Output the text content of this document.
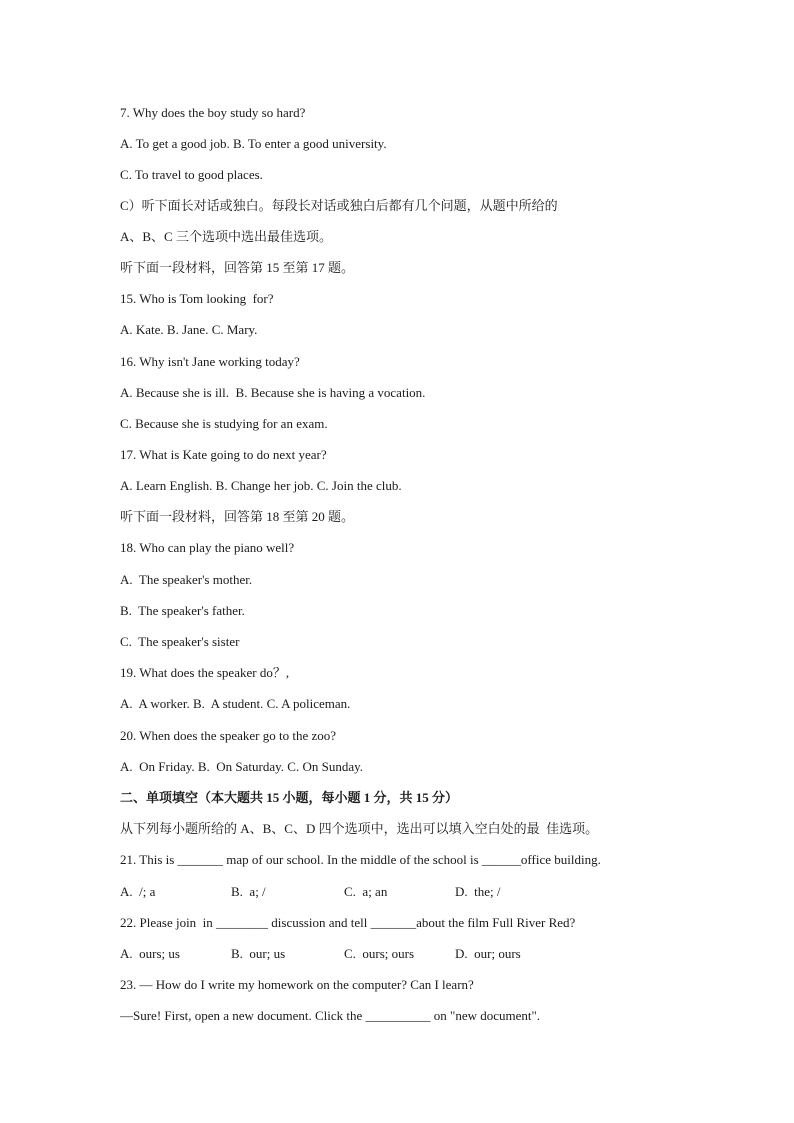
7. Why does the boy study so hard?
A. To get a good job. B. To enter a good university.
C. To travel to good places.
C）听下面长对话或独白。每段长对话或独白后都有几个问题，从题中所给的
A、B、C 三个选项中选出最佳选项。
听下面一段材料，回答第 15 至第 17 题。
15. Who is Tom looking  for?
A. Kate. B. Jane. C. Mary.
16. Why isn't Jane working today?
A. Because she is ill.  B. Because she is having a vocation.
C. Because she is studying for an exam.
17. What is Kate going to do next year?
A. Learn English. B. Change her job. C. Join the club.
听下面一段材料，回答第 18 至第 20 题。
18. Who can play the piano well?
A.  The speaker's mother.
B.  The speaker's father.
C.  The speaker's sister
19. What does the speaker do？,
A.  A worker. B.  A student. C. A policeman.
20. When does the speaker go to the zoo?
A.  On Friday. B.  On Saturday. C. On Sunday.
二、单项填空（本大题共 15 小题，每小题 1 分，共 15 分）
从下列每小题所给的 A、B、C、D 四个选项中，选出可以填入空白处的最  佳选项。
21. This is _______ map of our school. In the middle of the school is ______office building.
A.  /; a	B.  a; /	C.  a; an	D.  the; /
22. Please join  in ________ discussion and tell _______about the film Full River Red?
A.  ours; us	B.  our; us	C.  ours; ours	D.  our; ours
23. — How do I write my homework on the computer? Can I learn?
—Sure! First, open a new document. Click the __________ on "new document".
